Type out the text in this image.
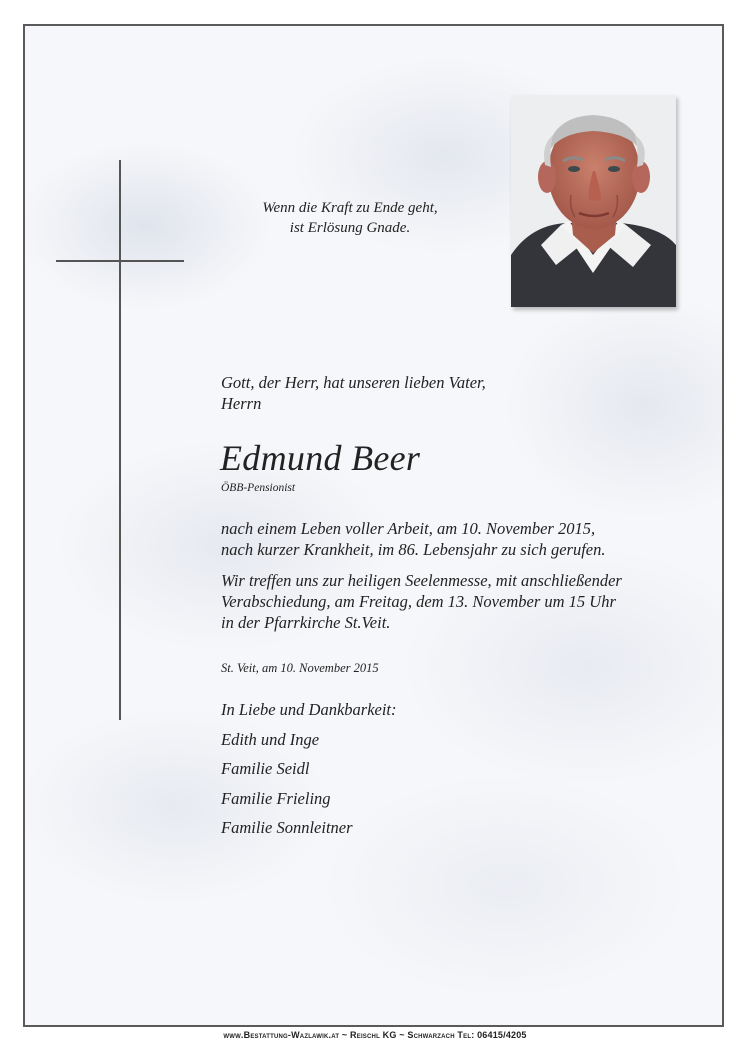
Wenn die Kraft zu Ende geht,
ist Erlösung Gnade.
Gott, der Herr, hat unseren lieben Vater,
Herrn
Edmund Beer
ÖBB-Pensionist
nach einem Leben voller Arbeit, am 10. November 2015,
nach kurzer Krankheit, im 86. Lebensjahr zu sich gerufen.
Wir treffen uns zur heiligen Seelenmesse, mit anschließender
Verabschiedung, am Freitag, dem 13. November um 15 Uhr
in der Pfarrkirche St.Veit.
St. Veit, am 10. November 2015
In Liebe und Dankbarkeit:
Edith und Inge
Familie Seidl
Familie Frieling
Familie Sonnleitner
www.Bestattung-Wazlawik.at ~ Reischl KG ~ Schwarzach Tel: 06415/4205
